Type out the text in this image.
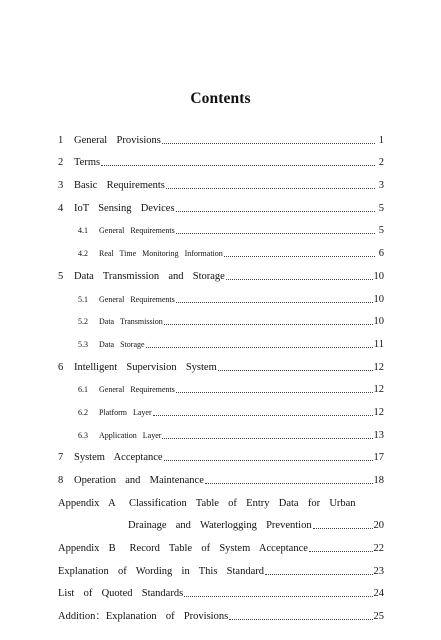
Contents
1	General  Provisions	1
2	Terms	2
3	Basic  Requirements	3
4	IoT  Sensing  Devices	5
4.1	General  Requirements	5
4.2	Real  Time  Monitoring  Information	6
5	Data  Transmission  and  Storage	10
5.1	General  Requirements	10
5.2	Data  Transmission	10
5.3	Data  Storage	11
6	Intelligent  Supervision  System	12
6.1	General  Requirements	12
6.2	Platform  Layer	12
6.3	Application  Layer	13
7	System  Acceptance	17
8	Operation  and  Maintenance	18
Appendix  A   Classification  Table  of  Entry  Data  for  Urban
Drainage  and  Waterlogging  Prevention	20
Appendix  B   Record  Table  of  System  Acceptance	22
Explanation  of  Wording  in  This  Standard	23
List  of  Quoted  Standards	24
Addition：Explanation  of  Provisions	25
